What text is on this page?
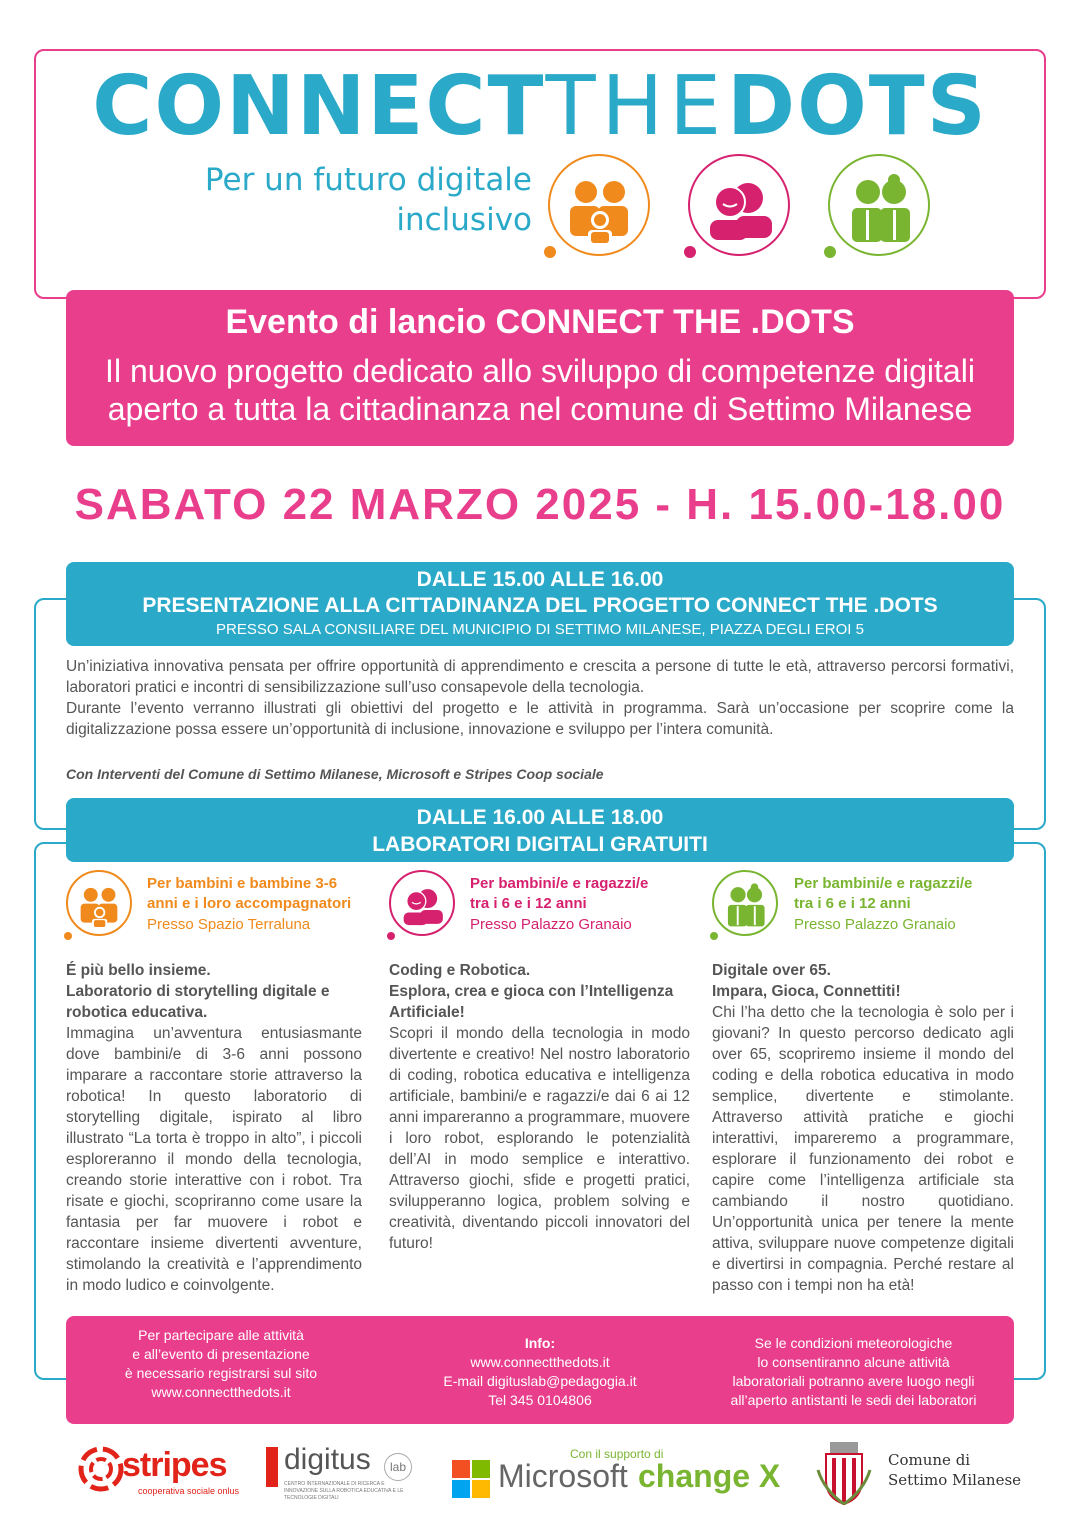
CONNECTTHEDOTS
Per un futuro digitale
inclusivo
Evento di lancio CONNECT THE .DOTS
Il nuovo progetto dedicato allo sviluppo di competenze digitali
aperto a tutta la cittadinanza nel comune di Settimo Milanese
SABATO 22 MARZO 2025 - H. 15.00-18.00
DALLE 15.00 ALLE 16.00
PRESENTAZIONE ALLA CITTADINANZA DEL PROGETTO CONNECT THE .DOTS
PRESSO SALA CONSILIARE DEL MUNICIPIO DI SETTIMO MILANESE, PIAZZA DEGLI EROI 5

Un’iniziativa innovativa pensata per offrire opportunità di apprendimento e crescita a persone di tutte le età, attraverso percorsi formativi, laboratori pratici e incontri di sensibilizzazione sull’uso consapevole della tecnologia.

Durante l’evento verranno illustrati gli obiettivi del progetto e le attività in programma. Sarà un’occasione per scoprire come la digitalizzazione possa essere un’opportunità di inclusione, innovazione e sviluppo per l’intera comunità.

Con Interventi del Comune di Settimo Milanese, Microsoft e Stripes Coop sociale
DALLE 16.00 ALLE 18.00
LABORATORI DIGITALI GRATUITI
Per bambini e bambine 3-6
anni e i loro accompagnatori
Presso Spazio Terraluna
É più bello insieme.
Laboratorio di storytelling digitale e robotica educativa.
Immagina un’avventura entusiasmante dove bambini/e di 3-6 anni possono imparare a raccontare storie attraverso la robotica! In questo laboratorio di storytelling digitale, ispirato al libro illustrato “La torta è troppo in alto”, i piccoli esploreranno il mondo della tecnologia, creando storie interattive con i robot. Tra risate e giochi, scopriranno come usare la fantasia per far muovere i robot e raccontare insieme divertenti avventure, stimolando la creatività e l’apprendimento in modo ludico e coinvolgente.
Per bambini/e e ragazzi/e
tra i 6 e i 12 anni
Presso Palazzo Granaio
Coding e Robotica.
Esplora, crea e gioca con l’Intelligenza Artificiale!
Scopri il mondo della tecnologia in modo divertente e creativo! Nel nostro laboratorio di coding, robotica educativa e intelligenza artificiale, bambini/e e ragazzi/e dai 6 ai 12 anni impareranno a programmare, muovere i loro robot, esplorando le potenzialità dell’AI in modo semplice e interattivo. Attraverso giochi, sfide e progetti pratici, svilupperanno logica, problem solving e creatività, diventando piccoli innovatori del futuro!
Per bambini/e e ragazzi/e
tra i 6 e i 12 anni
Presso Palazzo Granaio
Digitale over 65.
Impara, Gioca, Connettiti!
Chi l’ha detto che la tecnologia è solo per i giovani? In questo percorso dedicato agli over 65, scopriremo insieme il mondo del coding e della robotica educativa in modo semplice, divertente e stimolante. Attraverso attività pratiche e giochi interattivi, impareremo a programmare, esplorare il funzionamento dei robot e capire come l’intelligenza artificiale sta cambiando il nostro quotidiano. Un’opportunità unica per tenere la mente attiva, sviluppare nuove competenze digitali e divertirsi in compagnia. Perché restare al passo con i tempi non ha età!
Per partecipare alle attività
e all’evento di presentazione
è necessario registrarsi sul sito
www.connectthedots.it
Info:
www.connectthedots.it
E-mail digituslab@pedagogia.it
Tel 345 0104806
Se le condizioni meteorologiche
lo consentiranno alcune attività
laboratoriali potranno avere luogo negli
all’aperto antistanti le sedi dei laboratori
stripes
cooperativa sociale onlus
digitus	lab
CENTRO INTERNAZIONALE DI RICERCA E INNOVAZIONE SULLA ROBOTICA EDUCATIVA E LE TECNOLOGIE DIGITALI
Con il supporto di
Microsoft change X	Comune di
Settimo Milanese
